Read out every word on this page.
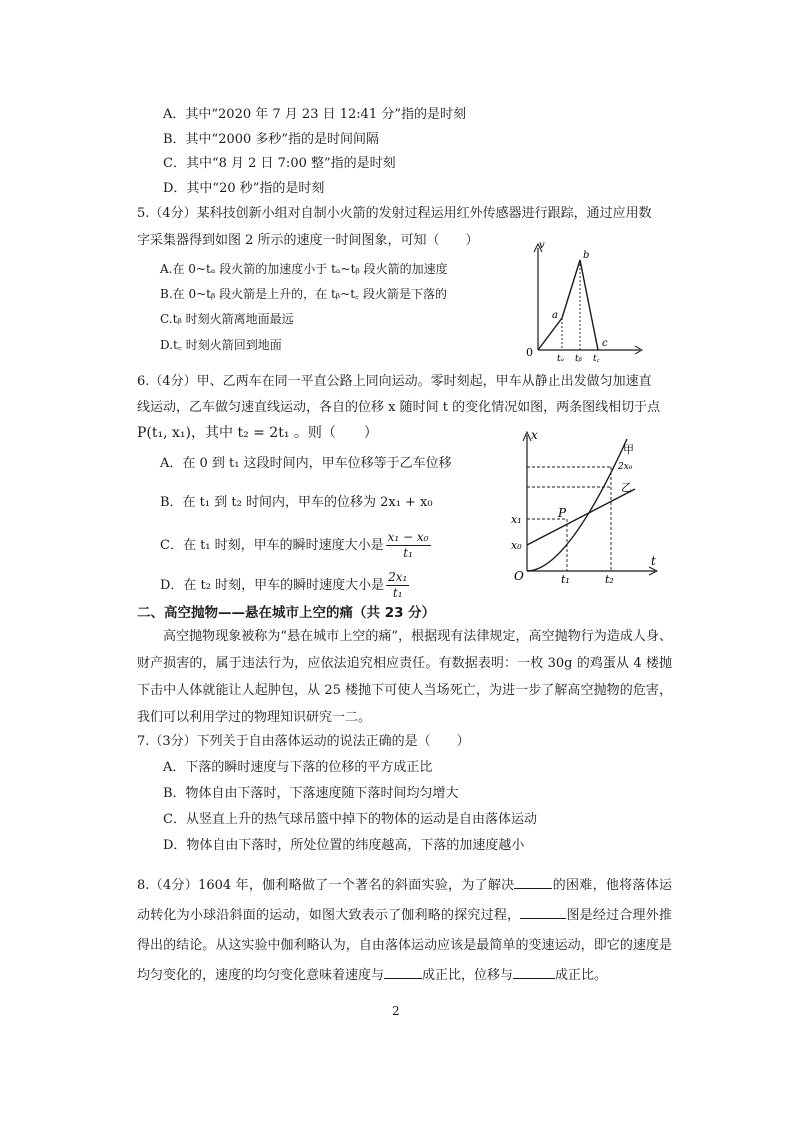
A．其中“2020 年 7 月 23 日 12:41 分”指的是时刻
B．其中“2000 多秒”指的是时间间隔
C．其中“8 月 2 日 7:00 整”指的是时刻
D．其中“20 秒”指的是时刻
5.（4分）某科技创新小组对自制小火箭的发射过程运用红外传感器进行跟踪，通过应用数
字采集器得到如图 2 所示的速度一时间图象，可知（　　）
A.在 0~tₐ 段火箭的加速度小于 tₐ~tᵦ 段火箭的加速度
B.在 0~tᵦ 段火箭是上升的，在 tᵦ~t꜀ 段火箭是下落的
C.tᵦ 时刻火箭离地面最远
D.t꜀ 时刻火箭回到地面
v
0
a
b
c
tₐ tᵦ t꜀
6.（4分）甲、乙两车在同一平直公路上同向运动。零时刻起，甲车从静止出发做匀加速直
线运动，乙车做匀速直线运动，各自的位移 x 随时间 t 的变化情况如图，两条图线相切于点
P(t₁, x₁)，其中 t₂ = 2t₁ 。则（　　）
A．在 0 到 t₁ 这段时间内，甲车位移等于乙车位移
B．在 t₁ 到 t₂ 时间内，甲车的位移为 2x₁ + x₀
C．在 t₁ 时刻，甲车的瞬时速度大小是 $\frac{\text{x₁ − x₀}}{\text{t₁}}$
D．在 t₂ 时刻，甲车的瞬时速度大小是 $\frac{\text{2x₁}}{\text{t₁}}$
x
t
O
甲
乙
2x₀
P
x₁
x₀
t₁	t₂
二、高空抛物——悬在城市上空的痛（共 23 分）
高空抛物现象被称为“悬在城市上空的痛”，根据现有法律规定，高空抛物行为造成人身、财产损害的，属于违法行为，应依法追究相应责任。有数据表明：一枚 30g 的鸡蛋从 4 楼抛下击中人体就能让人起肿包，从 25 楼抛下可使人当场死亡，为进一步了解高空抛物的危害，我们可以利用学过的物理知识研究一二。
7.（3分）下列关于自由落体运动的说法正确的是（　　）
A．下落的瞬时速度与下落的位移的平方成正比
B．物体自由下落时，下落速度随下落时间均匀增大
C．从竖直上升的热气球吊篮中掉下的物体的运动是自由落体运动
D．物体自由下落时，所处位置的纬度越高，下落的加速度越小
8.（4分）1604 年，伽利略做了一个著名的斜面实验，为了解决	的困难，他将落体运动转化为小球沿斜面的运动，如图大致表示了伽利略的探究过程，	图是经过合理外推得出的结论。从这实验中伽利略认为，自由落体运动应该是最简单的变速运动，即它的速度是均匀变化的，速度的均匀变化意味着速度与	成正比，位移与	成正比。
2
